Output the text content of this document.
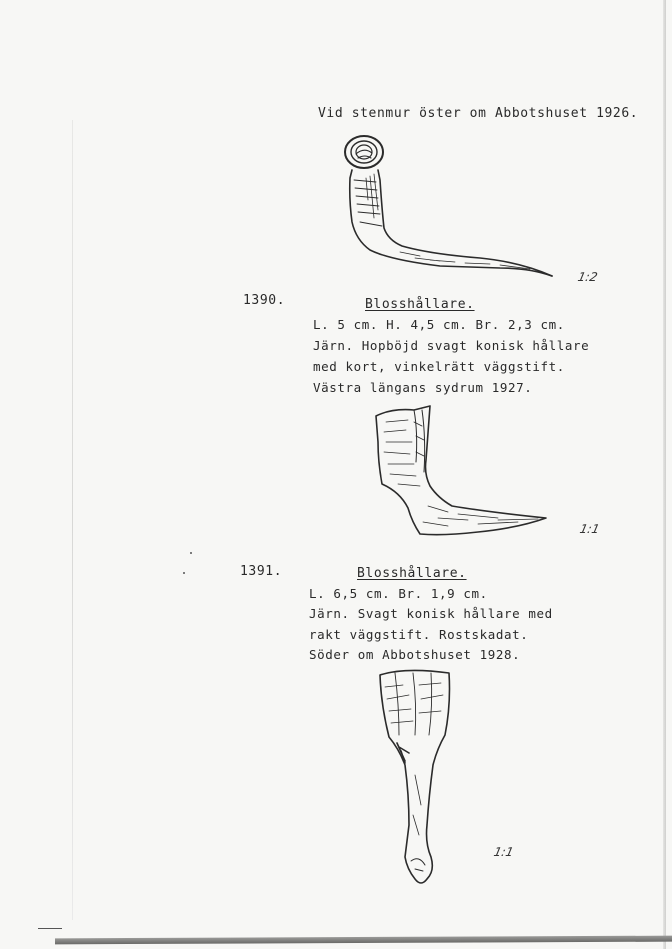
Vid stenmur öster om Abbotshuset 1926.
1:2
1390.	Blosshållare.
L. 5 cm. H. 4,5 cm. Br. 2,3 cm.
Järn. Hopböjd svagt konisk hållare
med kort, vinkelrätt väggstift.
Västra längans sydrum 1927.
1:1
1391.	Blosshållare.
L. 6,5 cm. Br. 1,9 cm.
Järn. Svagt konisk hållare med
rakt väggstift. Rostskadat.
Söder om Abbotshuset 1928.
1:1
